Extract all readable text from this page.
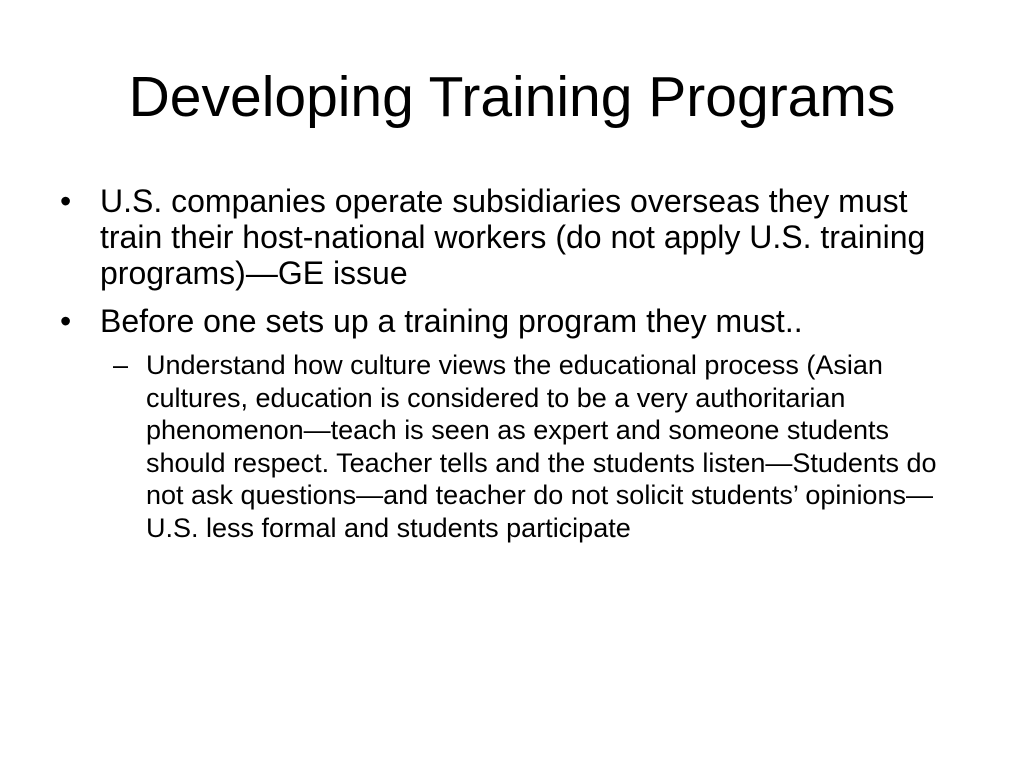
Developing Training Programs
• U.S. companies operate subsidiaries overseas they must train their host-national workers (do not apply U.S. training programs)—GE issue
• Before one sets up a training program they must..
– Understand how culture views the educational process (Asian cultures, education is considered to be a very authoritarian phenomenon—teach is seen as expert and someone students should respect. Teacher tells and the students listen—Students do not ask questions—and teacher do not solicit students’ opinions—U.S. less formal and students participate
